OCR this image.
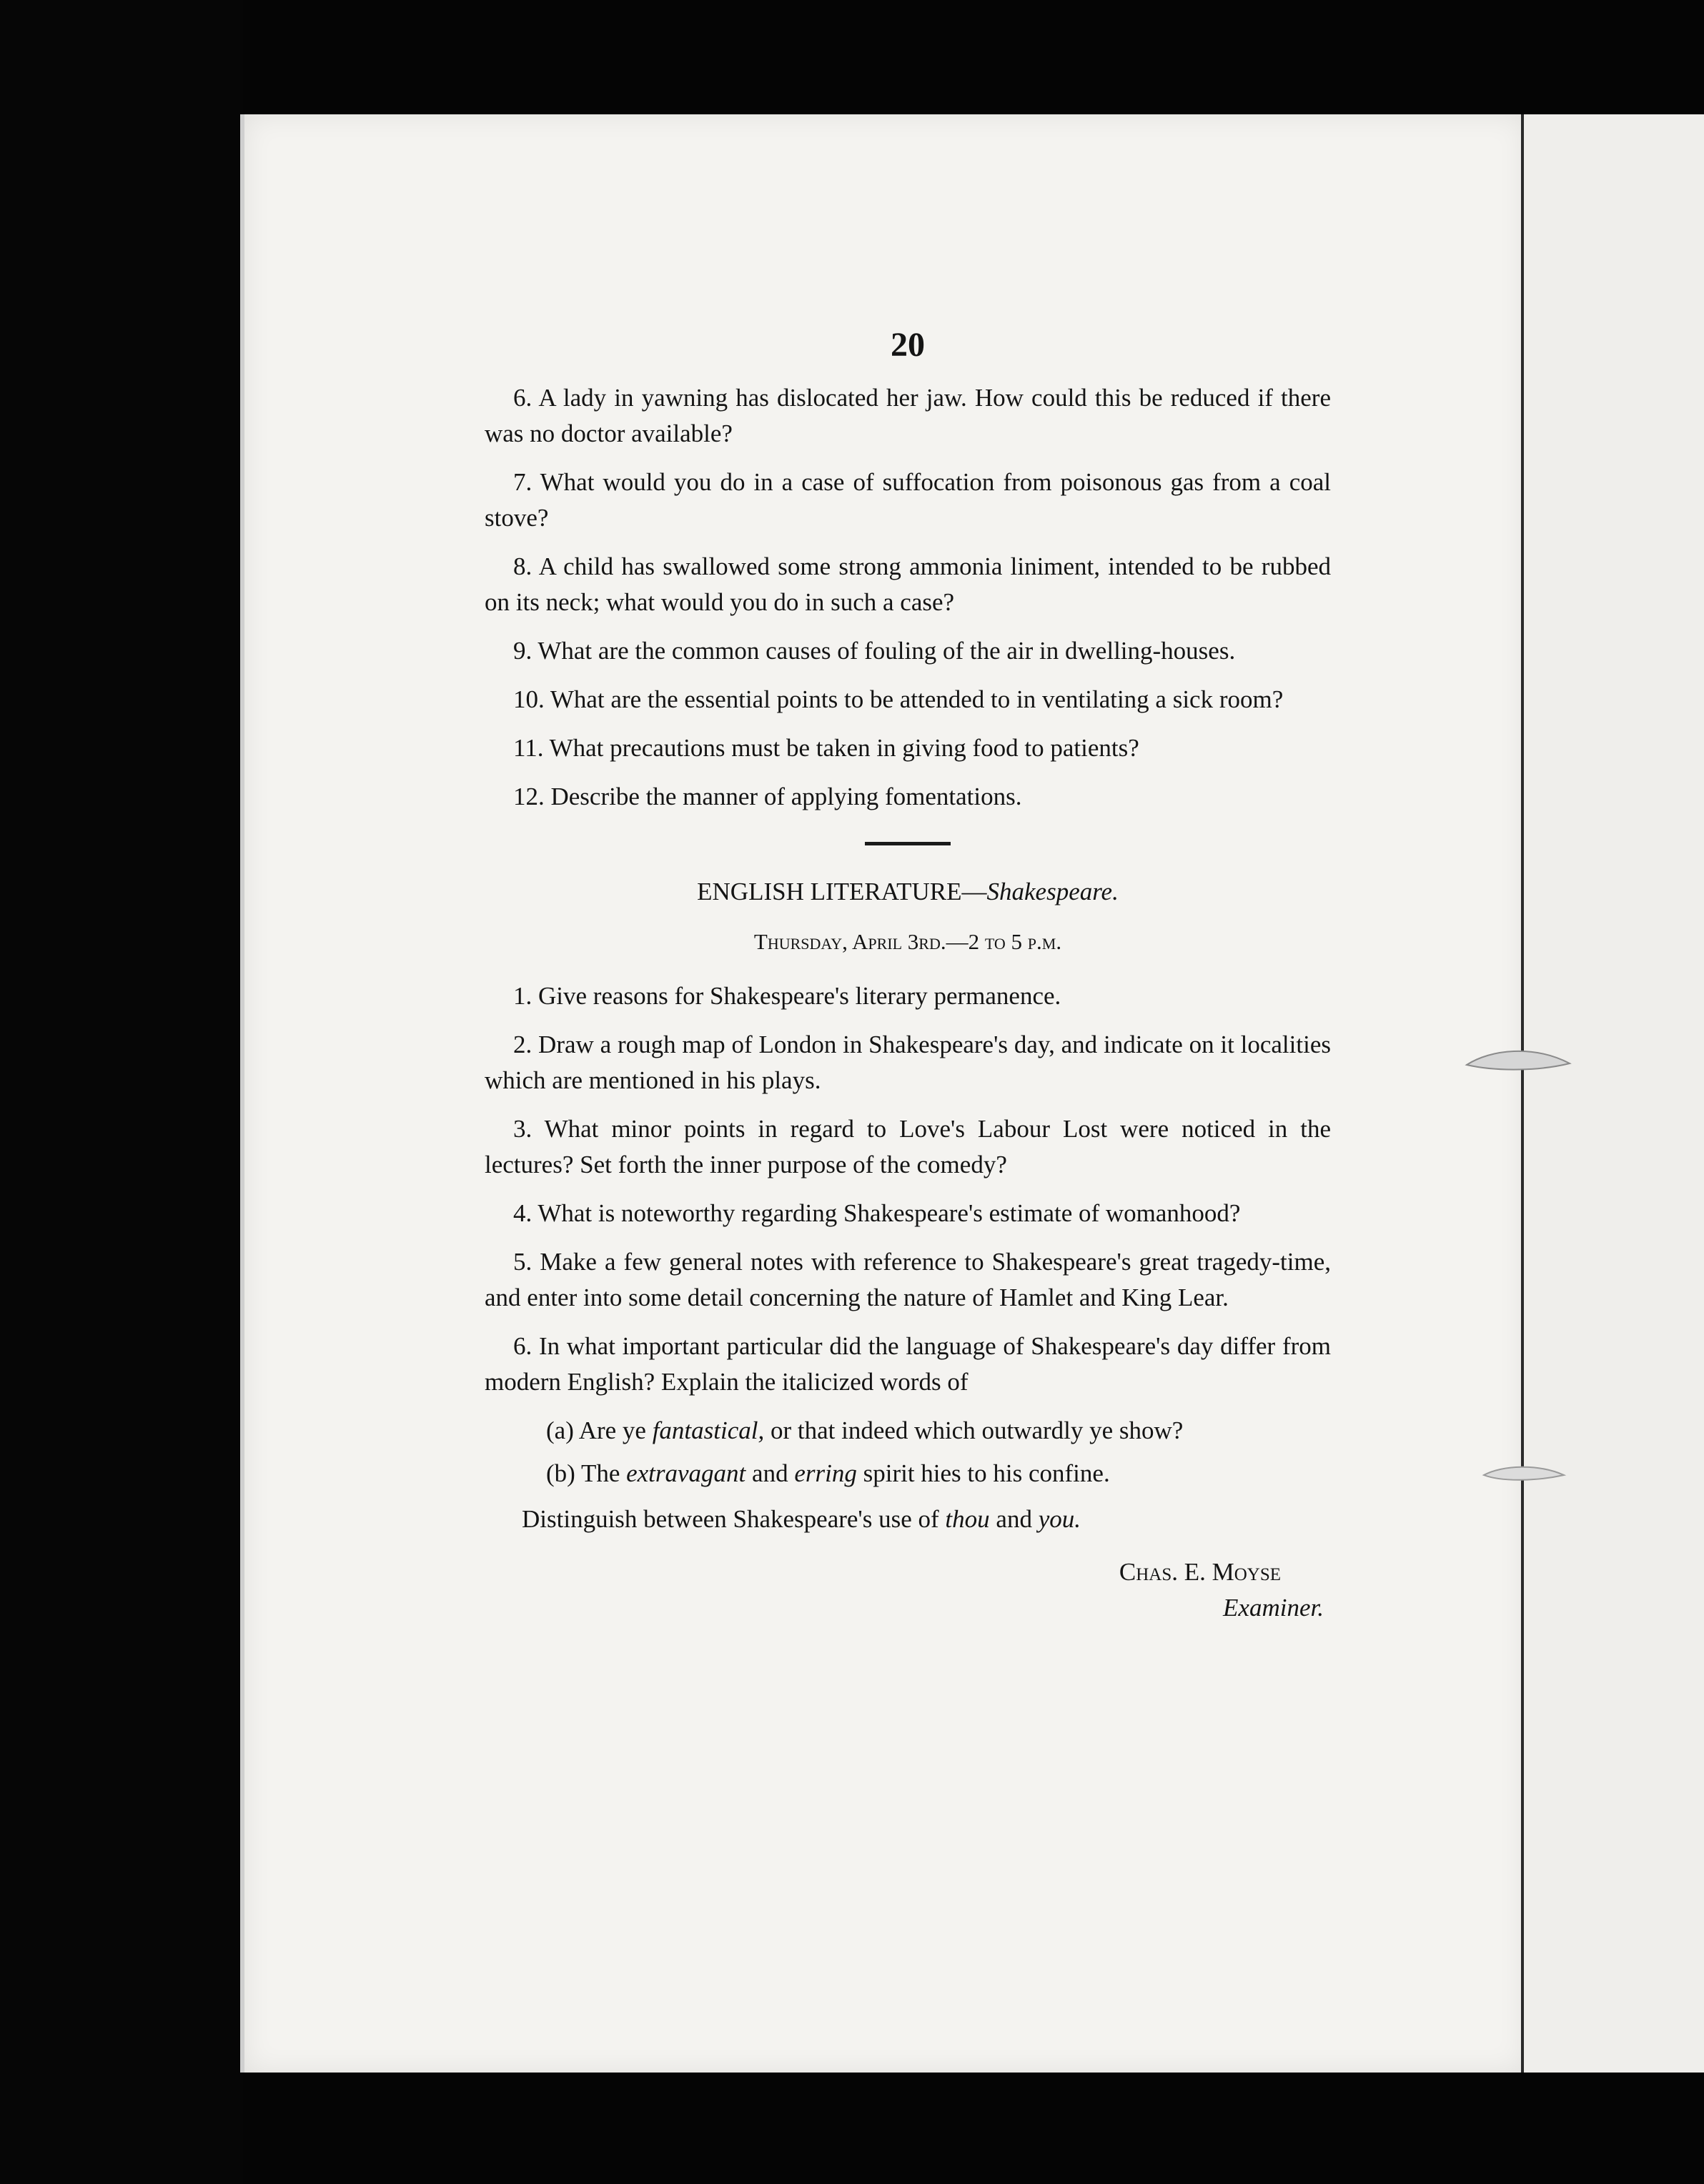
20

6. A lady in yawning has dislocated her jaw. How could this be reduced if there was no doctor available?

7. What would you do in a case of suffocation from poisonous gas from a coal stove?

8. A child has swallowed some strong ammonia liniment, intended to be rubbed on its neck; what would you do in such a case?

9. What are the common causes of fouling of the air in dwelling-houses.

10. What are the essential points to be attended to in ventilating a sick room?

11. What precautions must be taken in giving food to patients?

12. Describe the manner of applying fomentations.

ENGLISH LITERATURE—Shakespeare.

Thursday, April 3rd.—2 to 5 p.m.

1. Give reasons for Shakespeare's literary permanence.

2. Draw a rough map of London in Shakespeare's day, and indicate on it localities which are mentioned in his plays.

3. What minor points in regard to Love's Labour Lost were noticed in the lectures? Set forth the inner purpose of the comedy?

4. What is noteworthy regarding Shakespeare's estimate of womanhood?

5. Make a few general notes with reference to Shakespeare's great tragedy-time, and enter into some detail concerning the nature of Hamlet and King Lear.

6. In what important particular did the language of Shakespeare's day differ from modern English? Explain the italicized words of

(a) Are ye fantastical, or that indeed which outwardly ye show?

(b) The extravagant and erring spirit hies to his confine.

Distinguish between Shakespeare's use of thou and you.

Chas. E. Moyse

Examiner.
